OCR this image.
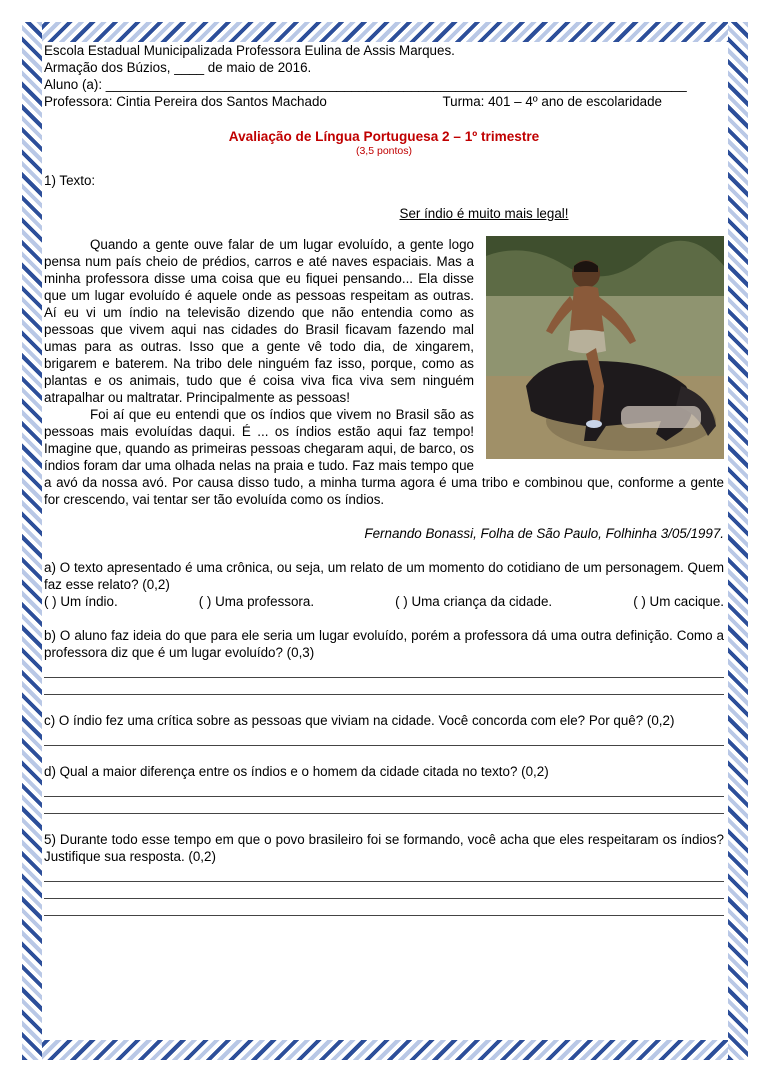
Escola Estadual Municipalizada Professora Eulina de Assis Marques.

Armação dos Búzios, ____ de maio de 2016.

Aluno (a): ______________________________________________________________________________

Professora: Cintia Pereira dos Santos Machado	Turma: 401 – 4º ano de escolaridade

Avaliação de Língua Portuguesa 2 – 1º trimestre

(3,5 pontos)

1) Texto:

Ser índio é muito mais legal!

Quando a gente ouve falar de um lugar evoluído, a gente logo pensa num país cheio de prédios, carros e até naves espaciais. Mas a minha professora disse uma coisa que eu fiquei pensando... Ela disse que um lugar evoluído é aquele onde as pessoas respeitam as outras. Aí eu vi um índio na televisão dizendo que não entendia como as pessoas que vivem aqui nas cidades do Brasil ficavam fazendo mal umas para as outras. Isso que a gente vê todo dia, de xingarem, brigarem e baterem. Na tribo dele ninguém faz isso, porque, como as plantas e os animais, tudo que é coisa viva fica viva sem ninguém atrapalhar ou maltratar. Principalmente as pessoas!

Foi aí que eu entendi que os índios que vivem no Brasil são as pessoas mais evoluídas daqui. É ... os índios estão aqui faz tempo! Imagine que, quando as primeiras pessoas chegaram aqui, de barco, os índios foram dar uma olhada nelas na praia e tudo. Faz mais tempo que a avó da nossa avó. Por causa disso tudo, a minha turma agora é uma tribo e combinou que, conforme a gente for crescendo, vai tentar ser tão evoluída como os índios.

Fernando Bonassi, Folha de São Paulo, Folhinha 3/05/1997.

a) O texto apresentado é uma crônica, ou seja, um relato de um momento do cotidiano de um personagem. Quem faz esse relato? (0,2)

( ) Um índio.	( ) Uma professora.	( ) Uma criança da cidade.	( ) Um cacique.

b) O aluno faz ideia do que para ele seria um lugar evoluído, porém a professora dá uma outra definição. Como a professora diz que é um lugar evoluído? (0,3)

c) O índio fez uma crítica sobre as pessoas que viviam na cidade. Você concorda com ele? Por quê? (0,2)

d) Qual a maior diferença entre os índios e o homem da cidade citada no texto? (0,2)

5) Durante todo esse tempo em que o povo brasileiro foi se formando, você acha que eles respeitaram os índios? Justifique sua resposta. (0,2)
